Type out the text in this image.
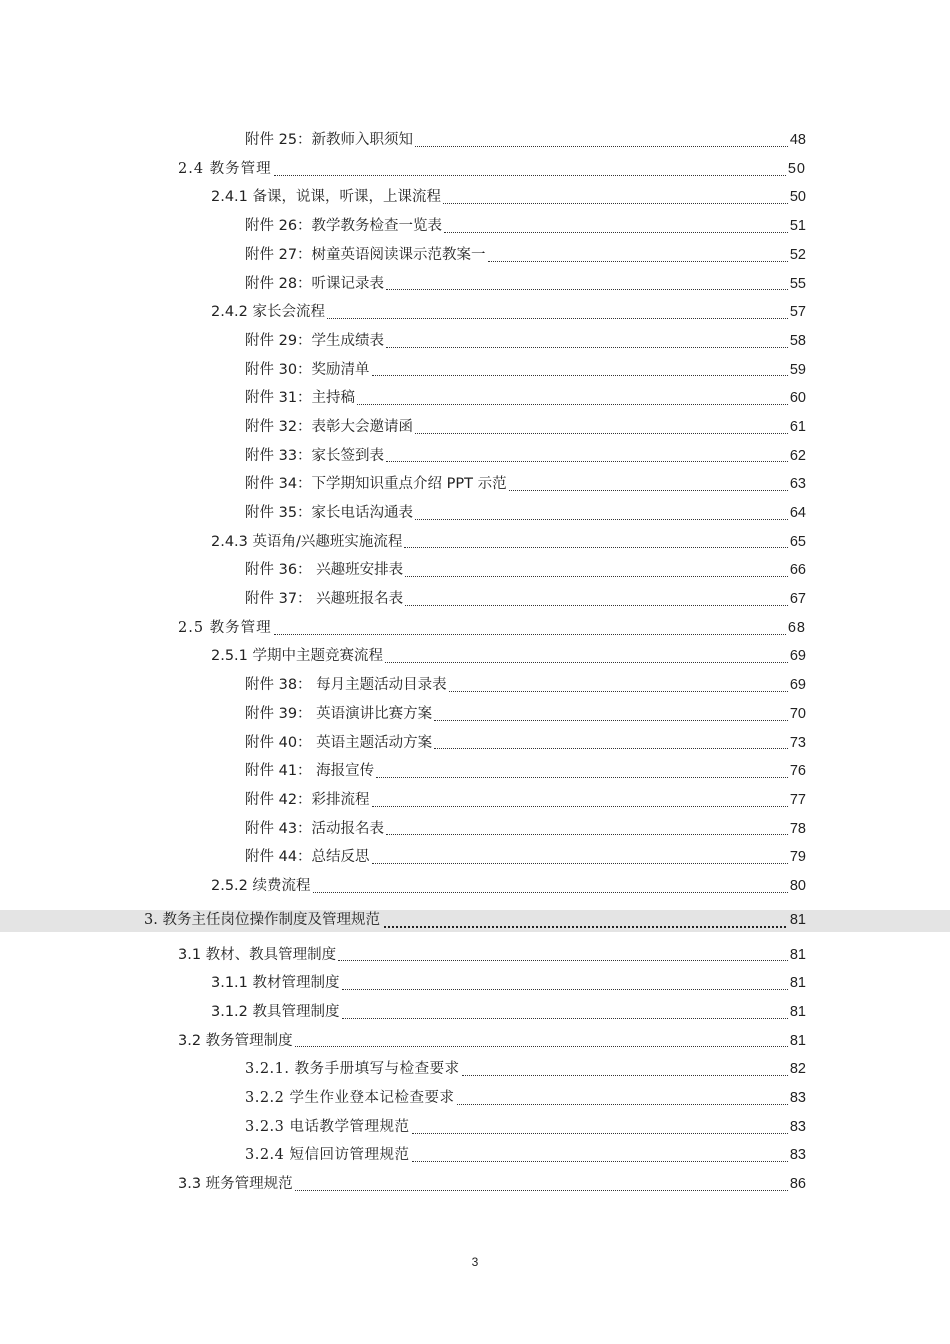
附件 25：新教师入职须知	48
2.4 教务管理	50
2.4.1 备课，说课，听课，上课流程	50
附件 26：教学教务检查一览表	51
附件 27：树童英语阅读课示范教案一	52
附件 28：听课记录表	55
2.4.2 家长会流程	57
附件 29：学生成绩表	58
附件 30：奖励清单	59
附件 31：主持稿	60
附件 32：表彰大会邀请函	61
附件 33：家长签到表	62
附件 34：下学期知识重点介绍 PPT 示范	63
附件 35：家长电话沟通表	64
2.4.3 英语角/兴趣班实施流程	65
附件 36： 兴趣班安排表	66
附件 37： 兴趣班报名表	67
2.5 教务管理	68
2.5.1 学期中主题竞赛流程	69
附件 38： 每月主题活动目录表	69
附件 39： 英语演讲比赛方案	70
附件 40： 英语主题活动方案	73
附件 41： 海报宣传	76
附件 42：彩排流程	77
附件 43：活动报名表	78
附件 44：总结反思	79
2.5.2 续费流程	80
3. 教务主任岗位操作制度及管理规范	81
3.1 教材、教具管理制度	81
3.1.1 教材管理制度	81
3.1.2 教具管理制度	81
3.2 教务管理制度	81
3.2.1. 教务手册填写与检查要求	82
3.2.2 学生作业登本记检查要求	83
3.2.3 电话教学管理规范	83
3.2.4 短信回访管理规范	83
3.3 班务管理规范	86
3
